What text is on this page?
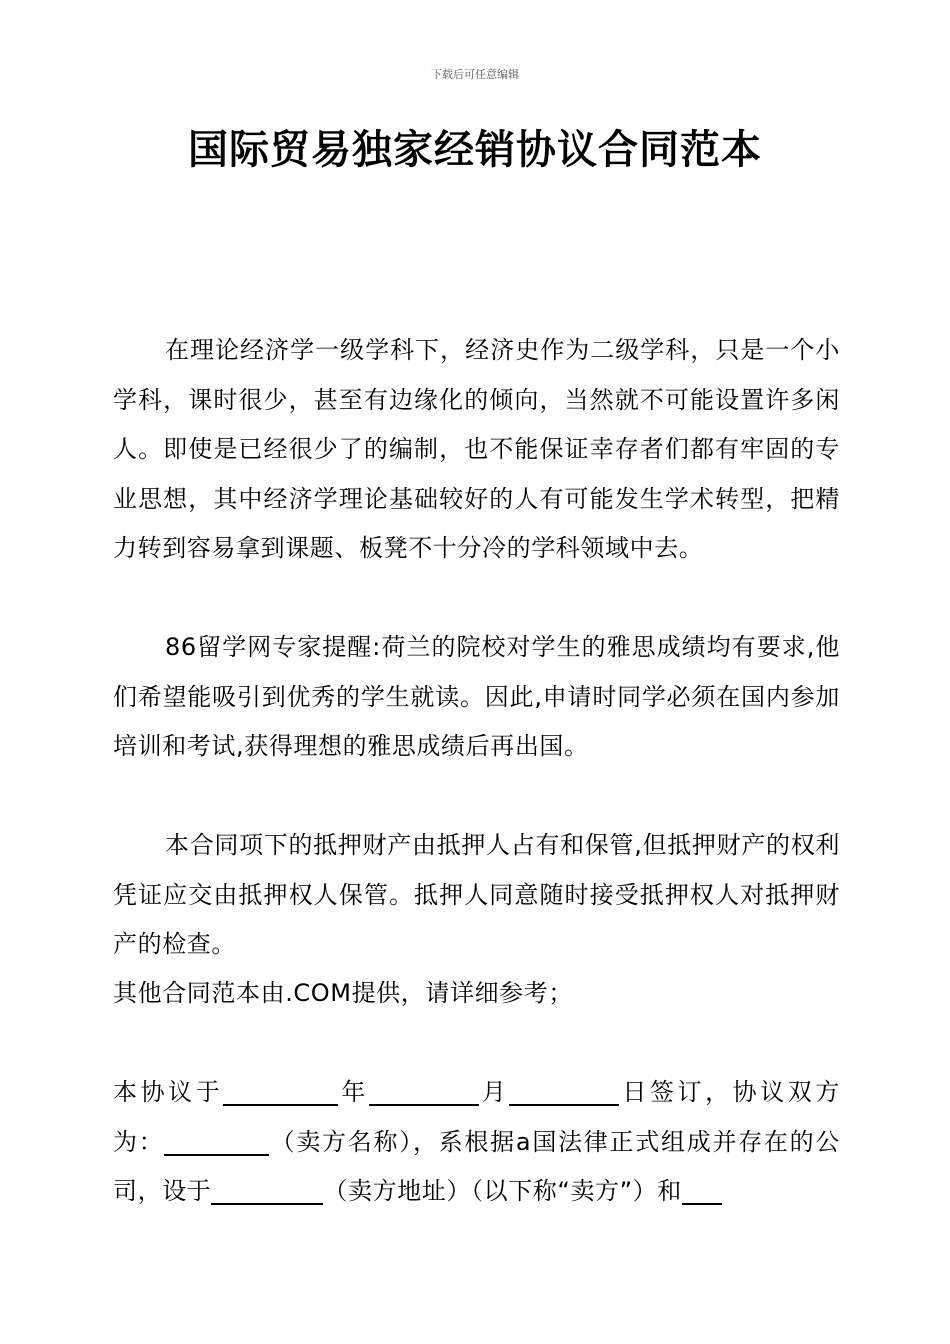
下载后可任意编辑
国际贸易独家经销协议合同范本
在理论经济学一级学科下，经济史作为二级学科，只是一个小学科，课时很少，甚至有边缘化的倾向，当然就不可能设置许多闲人。即使是已经很少了的编制，也不能保证幸存者们都有牢固的专业思想，其中经济学理论基础较好的人有可能发生学术转型，把精力转到容易拿到课题、板凳不十分冷的学科领域中去。
86留学网专家提醒:荷兰的院校对学生的雅思成绩均有要求,他们希望能吸引到优秀的学生就读。因此,申请时同学必须在国内参加培训和考试,获得理想的雅思成绩后再出国。
本合同项下的抵押财产由抵押人占有和保管,但抵押财产的权利凭证应交由抵押权人保管。抵押人同意随时接受抵押权人对抵押财产的检查。
其他合同范本由.COM提供，请详细参考；
本协议于	年	月	日签订，协议双方为：	（卖方名称），系根据a国法律正式组成并存在的公司，设于	（卖方地址）（以下称“卖方”）和
